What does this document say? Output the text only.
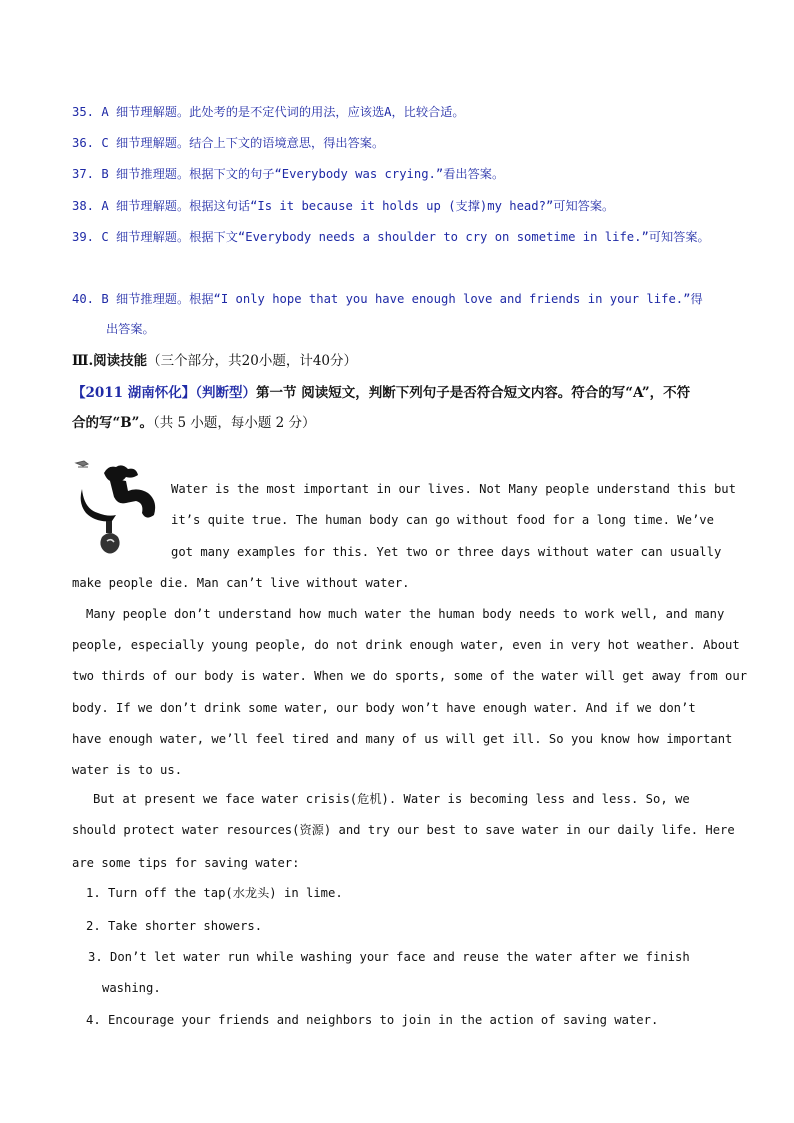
35. A 细节理解题。此处考的是不定代词的用法，应该选A，比较合适。
36. C 细节理解题。结合上下文的语境意思，得出答案。
37. B 细节推理题。根据下文的句子“Everybody was crying.”看出答案。
38. A 细节理解题。根据这句话“Is it because it holds up (支撑)my head?”可知答案。
39. C 细节理解题。根据下文“Everybody needs a shoulder to cry on sometime in life.”可知答案。
40. B 细节推理题。根据“I only hope that you have enough love and friends in your life.”得
出答案。
Ⅲ.阅读技能（三个部分，共20小题，计40分）
【2011 湖南怀化】（判断型）第一节 阅读短文，判断下列句子是否符合短文内容。符合的写“A”，不符
合的写“B”。（共 5 小题，每小题 2 分）
Water is the most important in our lives. Not Many people understand this but
it’s quite true. The human body can go without food for a long time. We’ve
got many examples for this. Yet two or three days without water can usually
make people die. Man can’t live without water.
Many people don’t understand how much water the human body needs to work well, and many
people, especially young people, do not drink enough water, even in very hot weather. About
two thirds of our body is water. When we do sports, some of the water will get away from our
body. If we don’t drink some water, our body won’t have enough water. And if we don’t
have enough water, we’ll feel tired and many of us will get ill. So you know how important
water is to us.
But at present we face water crisis(危机). Water is becoming less and less. So, we
should protect water resources(资源) and try our best to save water in our daily life. Here
are some tips for saving water:
1. Turn off the tap(水龙头) in lime.
2. Take shorter showers.
3. Don’t let water run while washing your face and reuse the water after we finish
washing.
4. Encourage your friends and neighbors to join in the action of saving water.
